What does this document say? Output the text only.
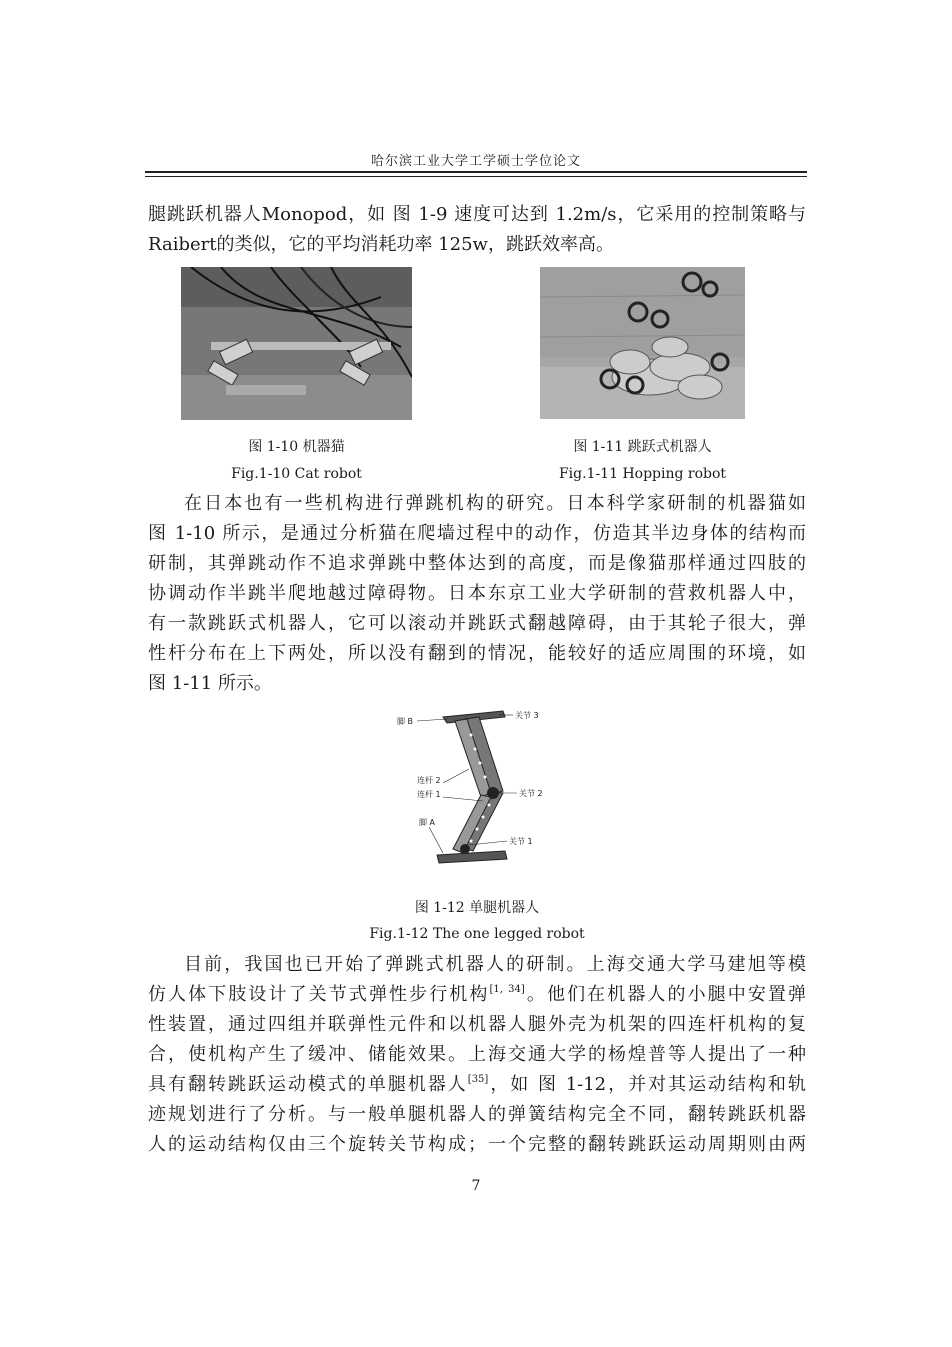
哈尔滨工业大学工学硕士学位论文
腿跳跃机器人Monopod，如 图 1-9 速度可达到 1.2m/s，它采用的控制策略与
Raibert的类似，它的平均消耗功率 125w，跳跃效率高。
图 1-10 机器猫
Fig.1-10 Cat robot
图 1-11 跳跃式机器人
Fig.1-11 Hopping robot
在日本也有一些机构进行弹跳机构的研究。日本科学家研制的机器猫如
图 1-10 所示，是通过分析猫在爬墙过程中的动作，仿造其半边身体的结构而
研制，其弹跳动作不追求弹跳中整体达到的高度，而是像猫那样通过四肢的
协调动作半跳半爬地越过障碍物。日本东京工业大学研制的营救机器人中，
有一款跳跃式机器人，它可以滚动并跳跃式翻越障碍，由于其轮子很大，弹
性杆分布在上下两处，所以没有翻到的情况，能较好的适应周围的环境，如
图 1-11 所示。
脚 B
关节 3
连杆 2
连杆 1	关节 2
脚 A
关节 1
图 1-12 单腿机器人
Fig.1-12 The one legged robot
目前，我国也已开始了弹跳式机器人的研制。上海交通大学马建旭等模
仿人体下肢设计了关节式弹性步行机构[1, 34]。他们在机器人的小腿中安置弹
性装置，通过四组并联弹性元件和以机器人腿外壳为机架的四连杆机构的复
合，使机构产生了缓冲、储能效果。上海交通大学的杨煌普等人提出了一种
具有翻转跳跃运动模式的单腿机器人[35]，如 图 1-12，并对其运动结构和轨
迹规划进行了分析。与一般单腿机器人的弹簧结构完全不同，翻转跳跃机器
人的运动结构仅由三个旋转关节构成；一个完整的翻转跳跃运动周期则由两
7
